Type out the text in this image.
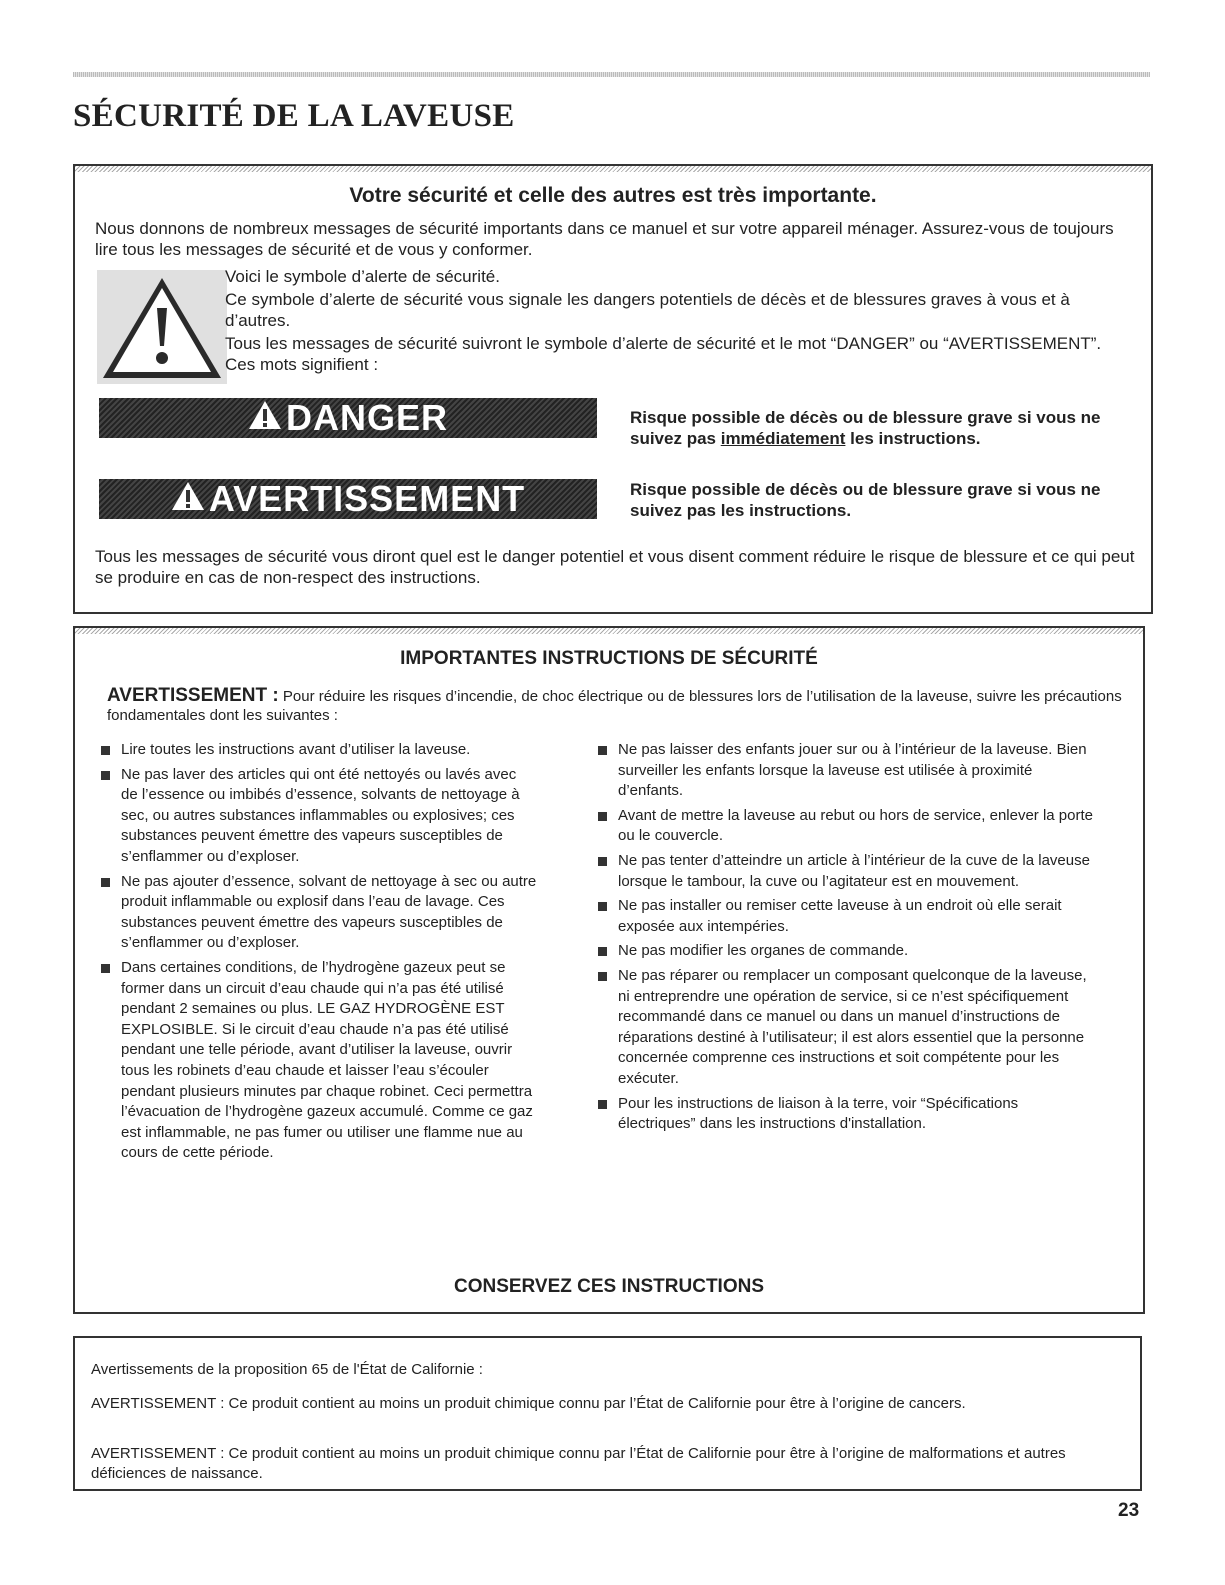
SÉCURITÉ DE LA LAVEUSE
Votre sécurité et celle des autres est très importante.

Nous donnons de nombreux messages de sécurité importants dans ce manuel et sur votre appareil ménager. Assurez-vous de toujours lire tous les messages de sécurité et de vous y conformer.

Voici le symbole d’alerte de sécurité.

Ce symbole d’alerte de sécurité vous signale les dangers potentiels de décès et de blessures graves à vous et à d’autres.

Tous les messages de sécurité suivront le symbole d’alerte de sécurité et le mot “DANGER” ou “AVERTISSEMENT”. Ces mots signifient :

DANGER	Risque possible de décès ou de blessure grave si vous ne suivez pas immédiatement les instructions.
AVERTISSEMENT	Risque possible de décès ou de blessure grave si vous ne suivez pas les instructions.

Tous les messages de sécurité vous diront quel est le danger potentiel et vous disent comment réduire le risque de blessure et ce qui peut se produire en cas de non-respect des instructions.

IMPORTANTES INSTRUCTIONS DE SÉCURITÉ

AVERTISSEMENT : Pour réduire les risques d’incendie, de choc électrique ou de blessures lors de l’utilisation de la laveuse, suivre les précautions fondamentales dont les suivantes :

Lire toutes les instructions avant d’utiliser la laveuse.

Ne pas laver des articles qui ont été nettoyés ou lavés avec de l’essence ou imbibés d’essence, solvants de nettoyage à sec, ou autres substances inflammables ou explosives; ces substances peuvent émettre des vapeurs susceptibles de s’enflammer ou d’exploser.

Ne pas ajouter d’essence, solvant de nettoyage à sec ou autre produit inflammable ou explosif dans l’eau de lavage. Ces substances peuvent émettre des vapeurs susceptibles de s’enflammer ou d’exploser.

Dans certaines conditions, de l’hydrogène gazeux peut se former dans un circuit d’eau chaude qui n’a pas été utilisé pendant 2 semaines ou plus. LE GAZ HYDROGÈNE EST EXPLOSIBLE. Si le circuit d’eau chaude n’a pas été utilisé pendant une telle période, avant d’utiliser la laveuse, ouvrir tous les robinets d’eau chaude et laisser l’eau s’écouler pendant plusieurs minutes par chaque robinet. Ceci permettra l’évacuation de l’hydrogène gazeux accumulé. Comme ce gaz est inflammable, ne pas fumer ou utiliser une flamme nue au cours de cette période.

Ne pas laisser des enfants jouer sur ou à l’intérieur de la laveuse. Bien surveiller les enfants lorsque la laveuse est utilisée à proximité d’enfants.

Avant de mettre la laveuse au rebut ou hors de service, enlever la porte ou le couvercle.

Ne pas tenter d’atteindre un article à l’intérieur de la cuve de la laveuse lorsque le tambour, la cuve ou l’agitateur est en mouvement.

Ne pas installer ou remiser cette laveuse à un endroit où elle serait exposée aux intempéries.

Ne pas modifier les organes de commande.

Ne pas réparer ou remplacer un composant quelconque de la laveuse, ni entreprendre une opération de service, si ce n’est spécifiquement recommandé dans ce manuel ou dans un manuel d’instructions de réparations destiné à l’utilisateur; il est alors essentiel que la personne concernée comprenne ces instructions et soit compétente pour les exécuter.

Pour les instructions de liaison à la terre, voir “Spécifications électriques” dans les instructions d'installation.

CONSERVEZ CES INSTRUCTIONS

Avertissements de la proposition 65 de l'État de Californie :

AVERTISSEMENT : Ce produit contient au moins un produit chimique connu par l’État de Californie pour être à l’origine de cancers.

AVERTISSEMENT : Ce produit contient au moins un produit chimique connu par l’État de Californie pour être à l’origine de malformations et autres déficiences de naissance.

23
